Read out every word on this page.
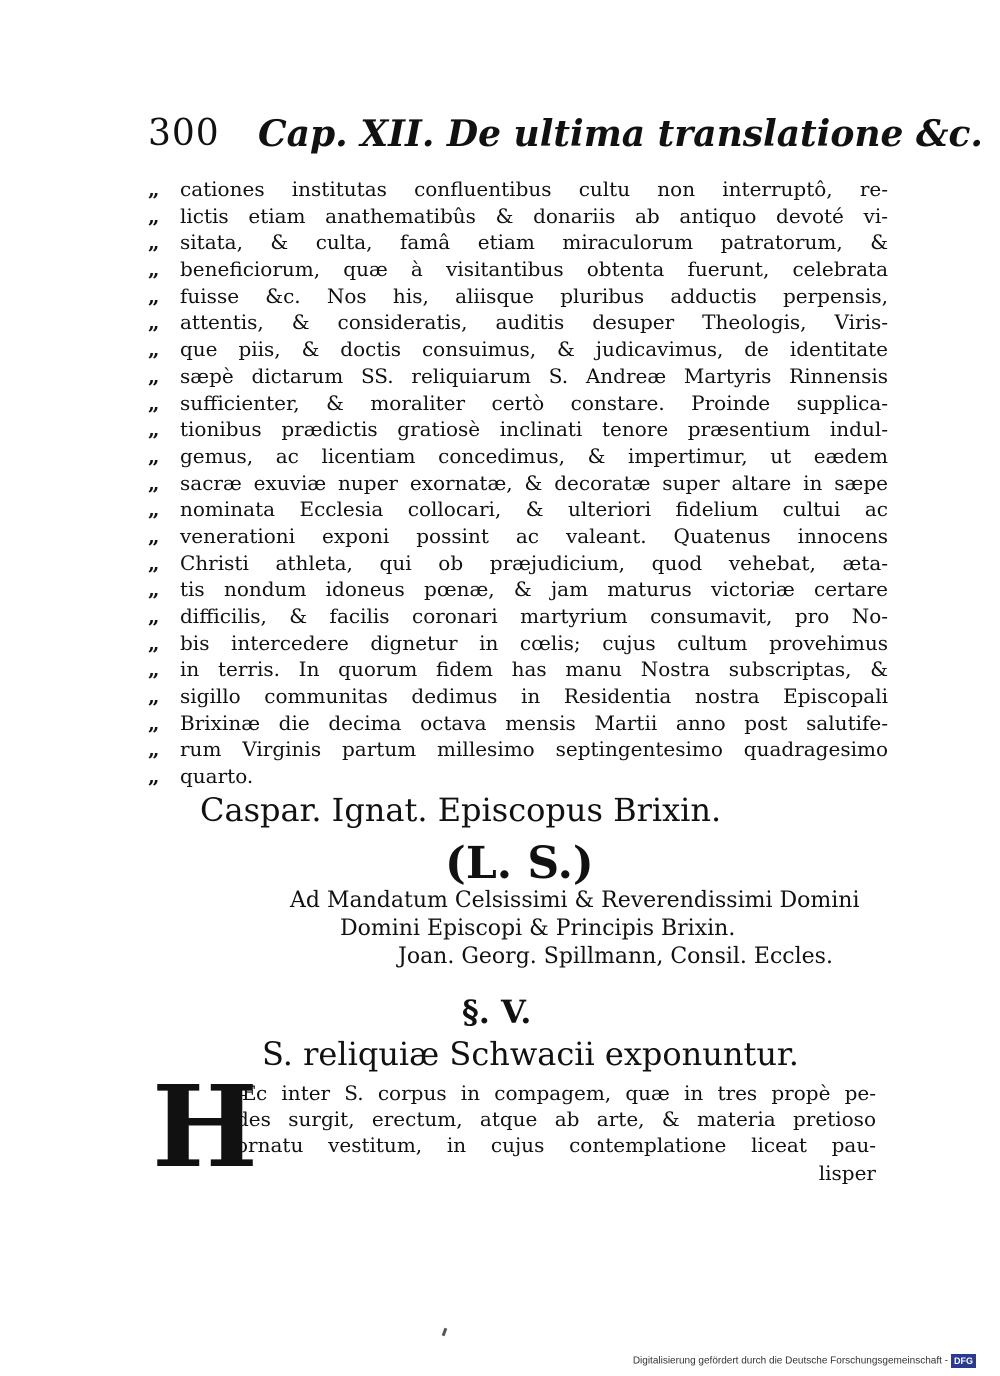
300 Cap. XII. De ultima translatione &c.
„	cationes institutas confluentibus cultu non interruptô, re-
„	lictis etiam anathematibûs & donariis ab antiquo devoté vi-
„	sitata, & culta, famâ etiam miraculorum patratorum, &
„	beneficiorum, quæ à visitantibus obtenta fuerunt, celebrata
„	fuisse &c. Nos his, aliisque pluribus adductis perpensis,
„	attentis, & consideratis, auditis desuper Theologis, Viris-
„	que piis, & doctis consuimus, & judicavimus, de identitate
„	sæpè dictarum SS. reliquiarum S. Andreæ Martyris Rinnensis
„	sufficienter, & moraliter certò constare. Proinde supplica-
„	tionibus prædictis gratiosè inclinati tenore præsentium indul-
„	gemus, ac licentiam concedimus, & impertimur, ut eædem
„	sacræ exuviæ nuper exornatæ, & decoratæ super altare in sæpe
„	nominata Ecclesia collocari, & ulteriori fidelium cultui ac
„	venerationi exponi possint ac valeant. Quatenus innocens
„	Christi athleta, qui ob præjudicium, quod vehebat, ætа-
„	tis nondum idoneus pœnæ, & jam maturus victoriæ certare
„	difficilis, & facilis coronari martyrium consumavit, pro No-
„	bis intercedere dignetur in cœlis; cujus cultum provehimus
„	in terris. In quorum fidem has manu Nostra subscriptas, &
„	sigillo communitas dedimus in Residentia nostra Episcopali
„	Brixinæ die decima octava mensis Martii anno post salutife-
„	rum Virginis partum millesimo septingentesimo quadragesimo
„	quarto.
Caspar. Ignat. Episcopus Brixin.
(L. S.)
Ad Mandatum Celsissimi & Reverendissimi Domini
Domini Episcopi & Principis Brixin.
Joan. Georg. Spillmann, Consil. Eccles.
§. V.
S. reliquiæ Schwacii exponuntur.
H
Æc inter S. corpus in compagem, quæ in tres propè pe-
des surgit, erectum, atque ab arte, & materia pretioso
ornatu vestitum, in cujus contemplatione liceat pau-
lisper
Digitalisierung gefördert durch die Deutsche Forschungsgemeinschaft - DFG
